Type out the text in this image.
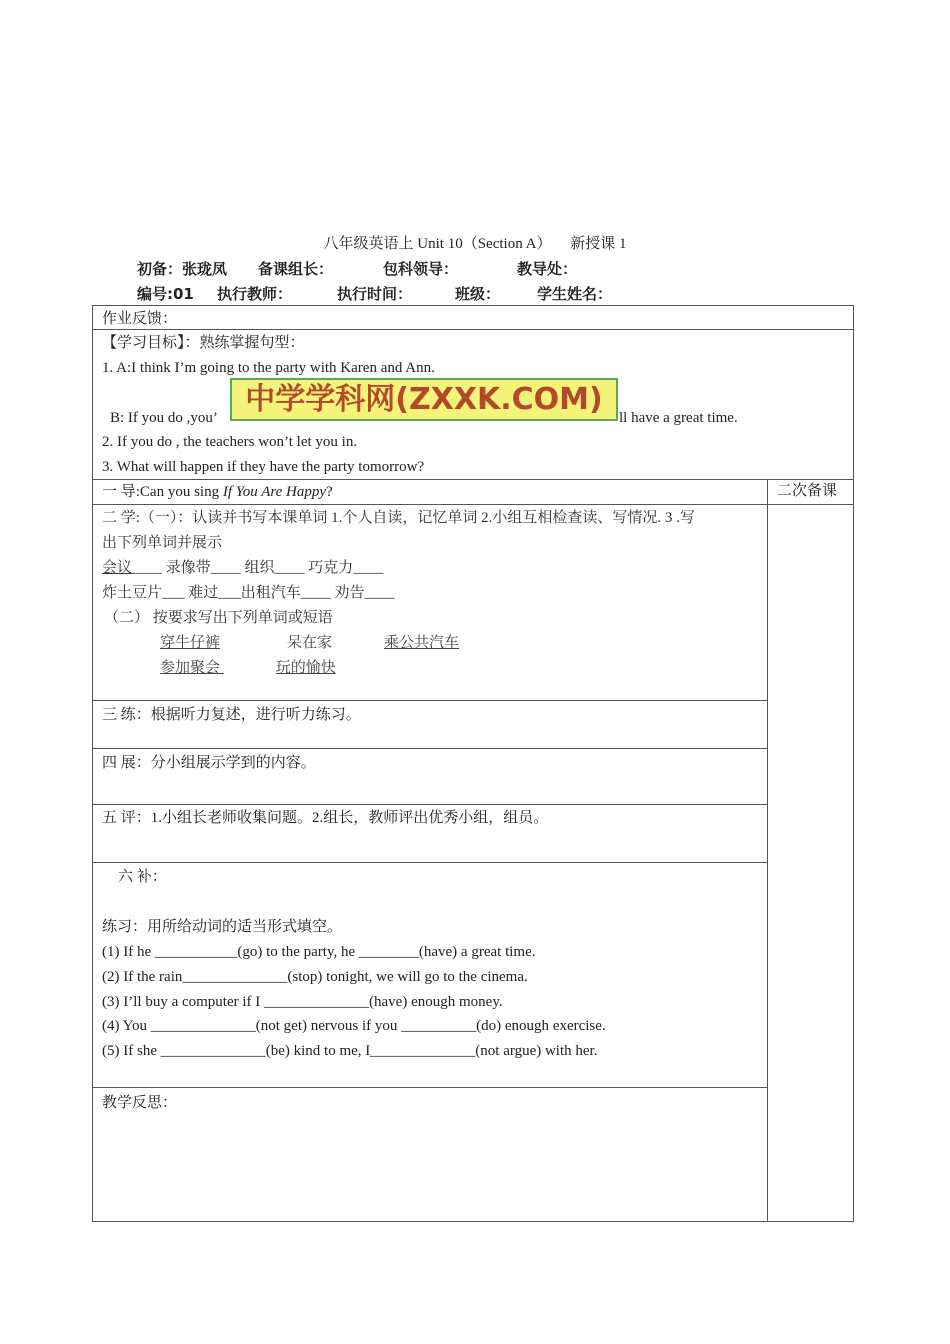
八年级英语上 Unit 10（Section A） 新授课 1
初备：张珑凤 备课组长：	包科领导：	教导处：
编号:01 执行教师：	执行时间：	班级： 学生姓名：
作业反馈：
【学习目标】：熟练掌握句型：
1. A:I think I’m going to the party with Karen and Ann.
B: If you do ,you’	ll have a great time.
中学学科网(ZXXK.COM)
2. If you do , the teachers won’t let you in.
3. What will happen if they have the party tomorrow?
一 导:Can you sing If You Are Happy?	二次备课
二 学:（一）：认读并书写本课单词 1.个人自读，记忆单词 2.小组互相检查读、写情况. 3 .写
出下列单词并展示
会议____ 录像带____ 组织____ 巧克力____
炸土豆片___ 难过___出租汽车____ 劝告____
（二） 按要求写出下列单词或短语
穿牛仔裤	呆在家	乘公共汽车
参加聚会	玩的愉快
三 练：根据听力复述，进行听力练习。
四 展：分小组展示学到的内容。
五 评：1.小组长老师收集问题。2.组长，教师评出优秀小组，组员。
六 补：
练习：用所给动词的适当形式填空。
(1) If he ___________(go) to the party, he ________(have) a great time.
(2) If the rain______________(stop) tonight, we will go to the cinema.
(3) I’ll buy a computer if I ______________(have) enough money.
(4) You ______________(not get) nervous if you __________(do) enough exercise.
(5) If she ______________(be) kind to me, I______________(not argue) with her.
教学反思：
